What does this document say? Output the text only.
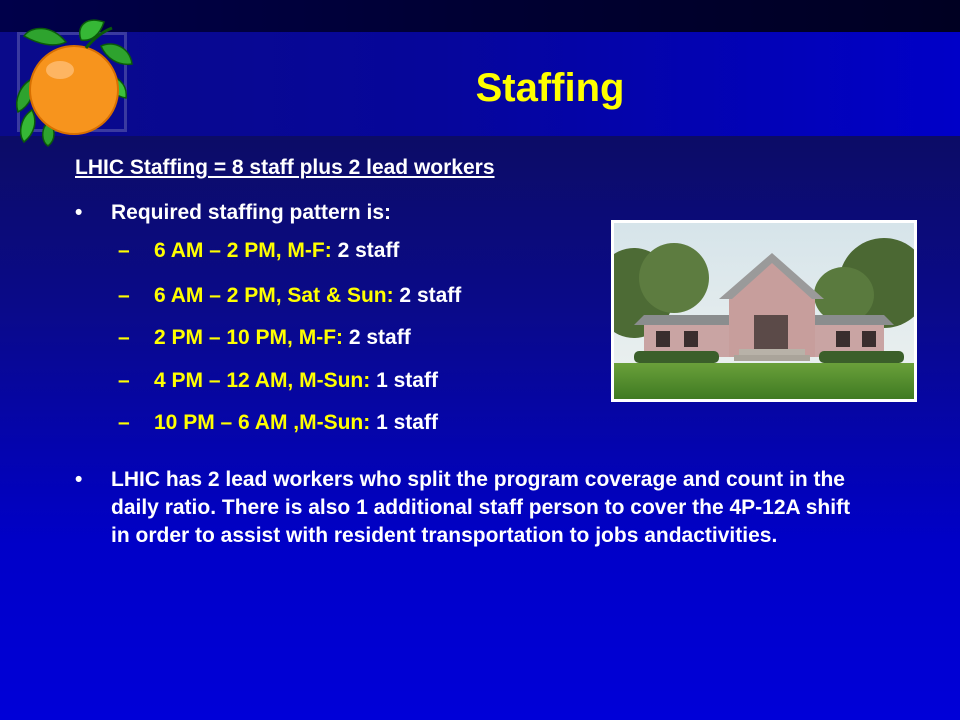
Staffing
LHIC Staffing = 8 staff plus 2 lead workers
• Required staffing pattern is:
– 6 AM – 2 PM, M-F: 2 staff
– 6 AM – 2 PM, Sat & Sun: 2 staff
– 2 PM – 10 PM, M-F: 2 staff
– 4 PM – 12 AM, M-Sun: 1 staff
– 10 PM – 6 AM ,M-Sun: 1 staff
• LHIC has 2 lead workers who split the program coverage and count in the daily ratio. There is also 1 additional staff person to cover the 4P-12A shift in order to assist with resident transportation to jobs andactivities.
